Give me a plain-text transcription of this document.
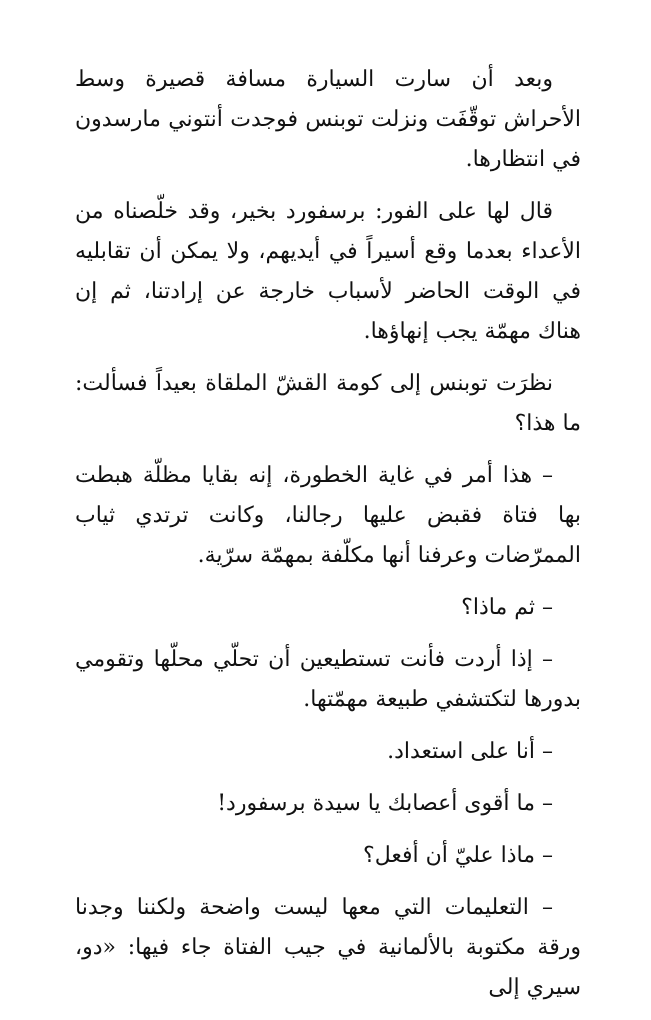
وبعد أن سارت السيارة مسافة قصيرة وسط الأحراش توقّفَت ونزلت توبنس فوجدت أنتوني مارسدون في انتظارها.

قال لها على الفور: برسفورد بخير، وقد خلّصناه من الأعداء بعدما وقع أسيراً في أيديهم، ولا يمكن أن تقابليه في الوقت الحاضر لأسباب خارجة عن إرادتنا، ثم إن هناك مهمّة يجب إنهاؤها.

نظرَت توبنس إلى كومة القشّ الملقاة بعيداً فسألت: ما هذا؟

– هذا أمر في غاية الخطورة، إنه بقايا مظلّة هبطت بها فتاة فقبض عليها رجالنا، وكانت ترتدي ثياب الممرّضات وعرفنا أنها مكلّفة بمهمّة سرّية.

– ثم ماذا؟

– إذا أردت فأنت تستطيعين أن تحلّي محلّها وتقومي بدورها لتكتشفي طبيعة مهمّتها.

– أنا على استعداد.

– ما أقوى أعصابك يا سيدة برسفورد!

– ماذا عليّ أن أفعل؟

– التعليمات التي معها ليست واضحة ولكننا وجدنا ورقة مكتوبة بالألمانية في جيب الفتاة جاء فيها: «دو، سيري إلى
